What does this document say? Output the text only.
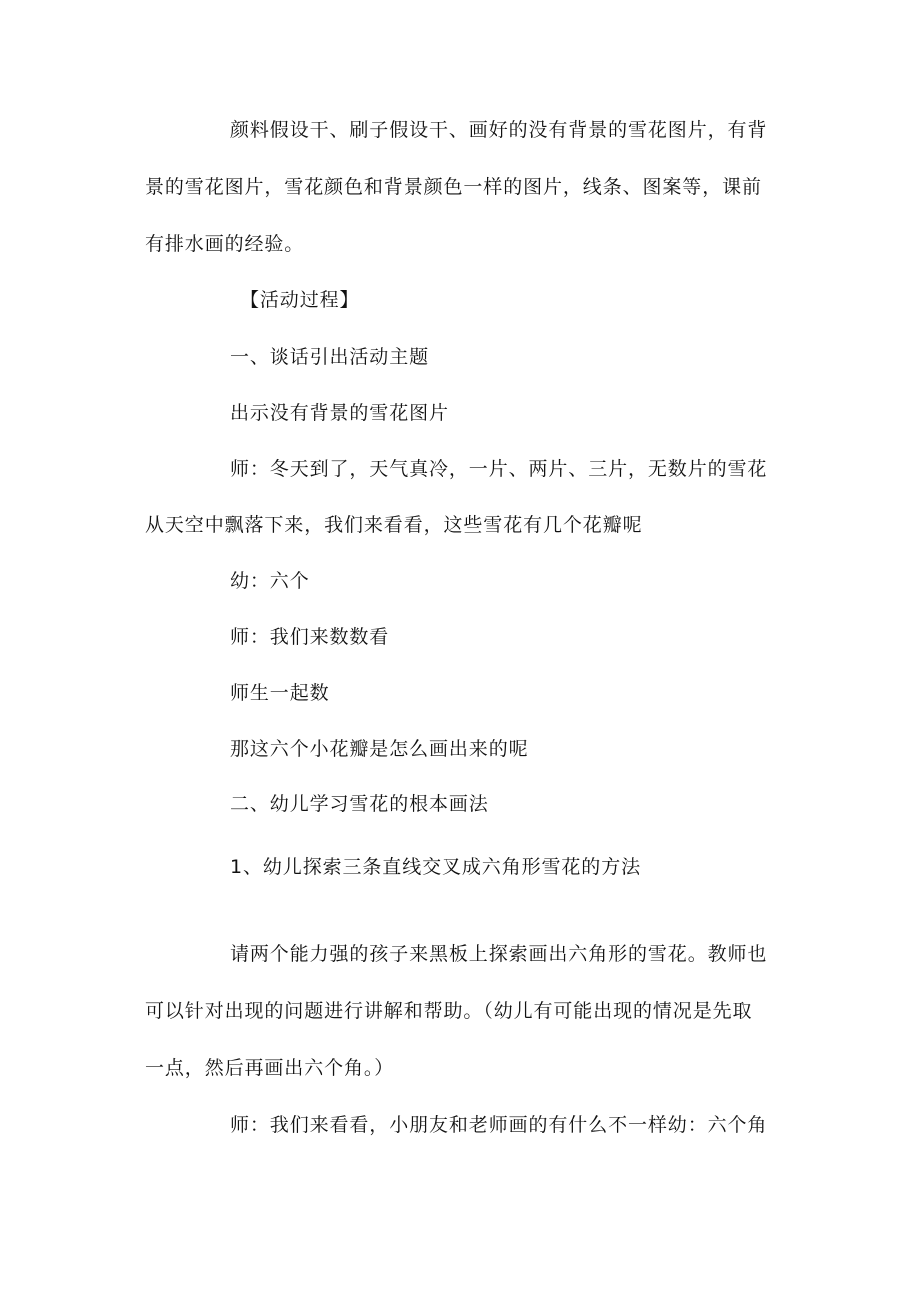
颜料假设干、刷子假设干、画好的没有背景的雪花图片，有背
景的雪花图片，雪花颜色和背景颜色一样的图片，线条、图案等，课前
有排水画的经验。
【活动过程】
一、谈话引出活动主题
出示没有背景的雪花图片
师：冬天到了，天气真冷，一片、两片、三片，无数片的雪花
从天空中飘落下来，我们来看看，这些雪花有几个花瓣呢
幼：六个
师：我们来数数看
师生一起数
那这六个小花瓣是怎么画出来的呢
二、幼儿学习雪花的根本画法
1、幼儿探索三条直线交叉成六角形雪花的方法
请两个能力强的孩子来黑板上探索画出六角形的雪花。教师也
可以针对出现的问题进行讲解和帮助。（幼儿有可能出现的情况是先取
一点，然后再画出六个角。）
师：我们来看看，小朋友和老师画的有什么不一样幼：六个角
